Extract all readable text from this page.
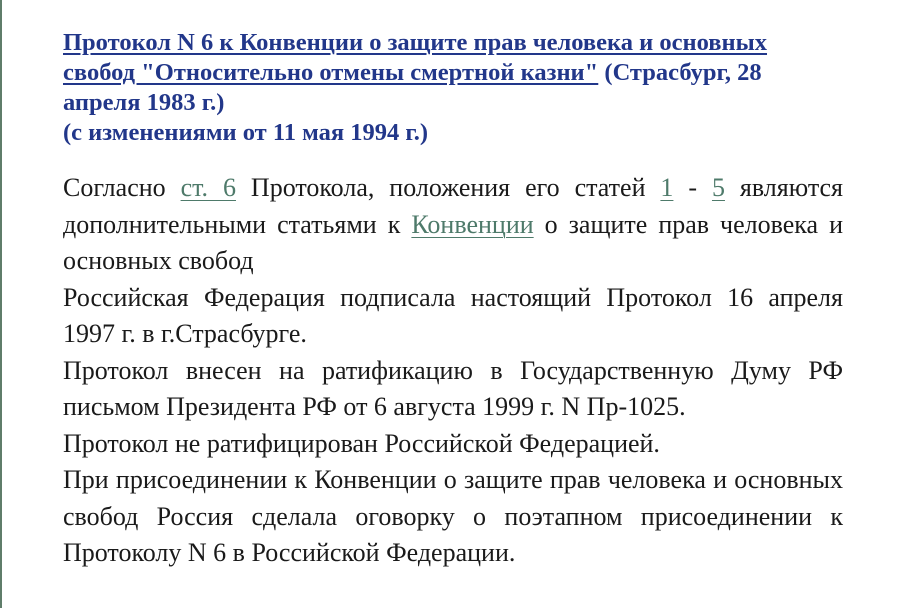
Протокол N 6 к Конвенции о защите прав человека и основных свобод "Относительно отмены смертной казни" (Страсбург, 28 апреля 1983 г.)
(с изменениями от 11 мая 1994 г.)

Согласно ст. 6 Протокола, положения его статей 1 - 5 являются дополнительными статьями к Конвенции о защите прав человека и основных свобод

Российская Федерация подписала настоящий Протокол 16 апреля 1997 г. в г.Страсбурге.

Протокол внесен на ратификацию в Государственную Думу РФ письмом Президента РФ от 6 августа 1999 г. N Пр-1025.

Протокол не ратифицирован Российской Федерацией.

При присоединении к Конвенции о защите прав человека и основных свобод Россия сделала оговорку о поэтапном присоединении к Протоколу N 6 в Российской Федерации.
